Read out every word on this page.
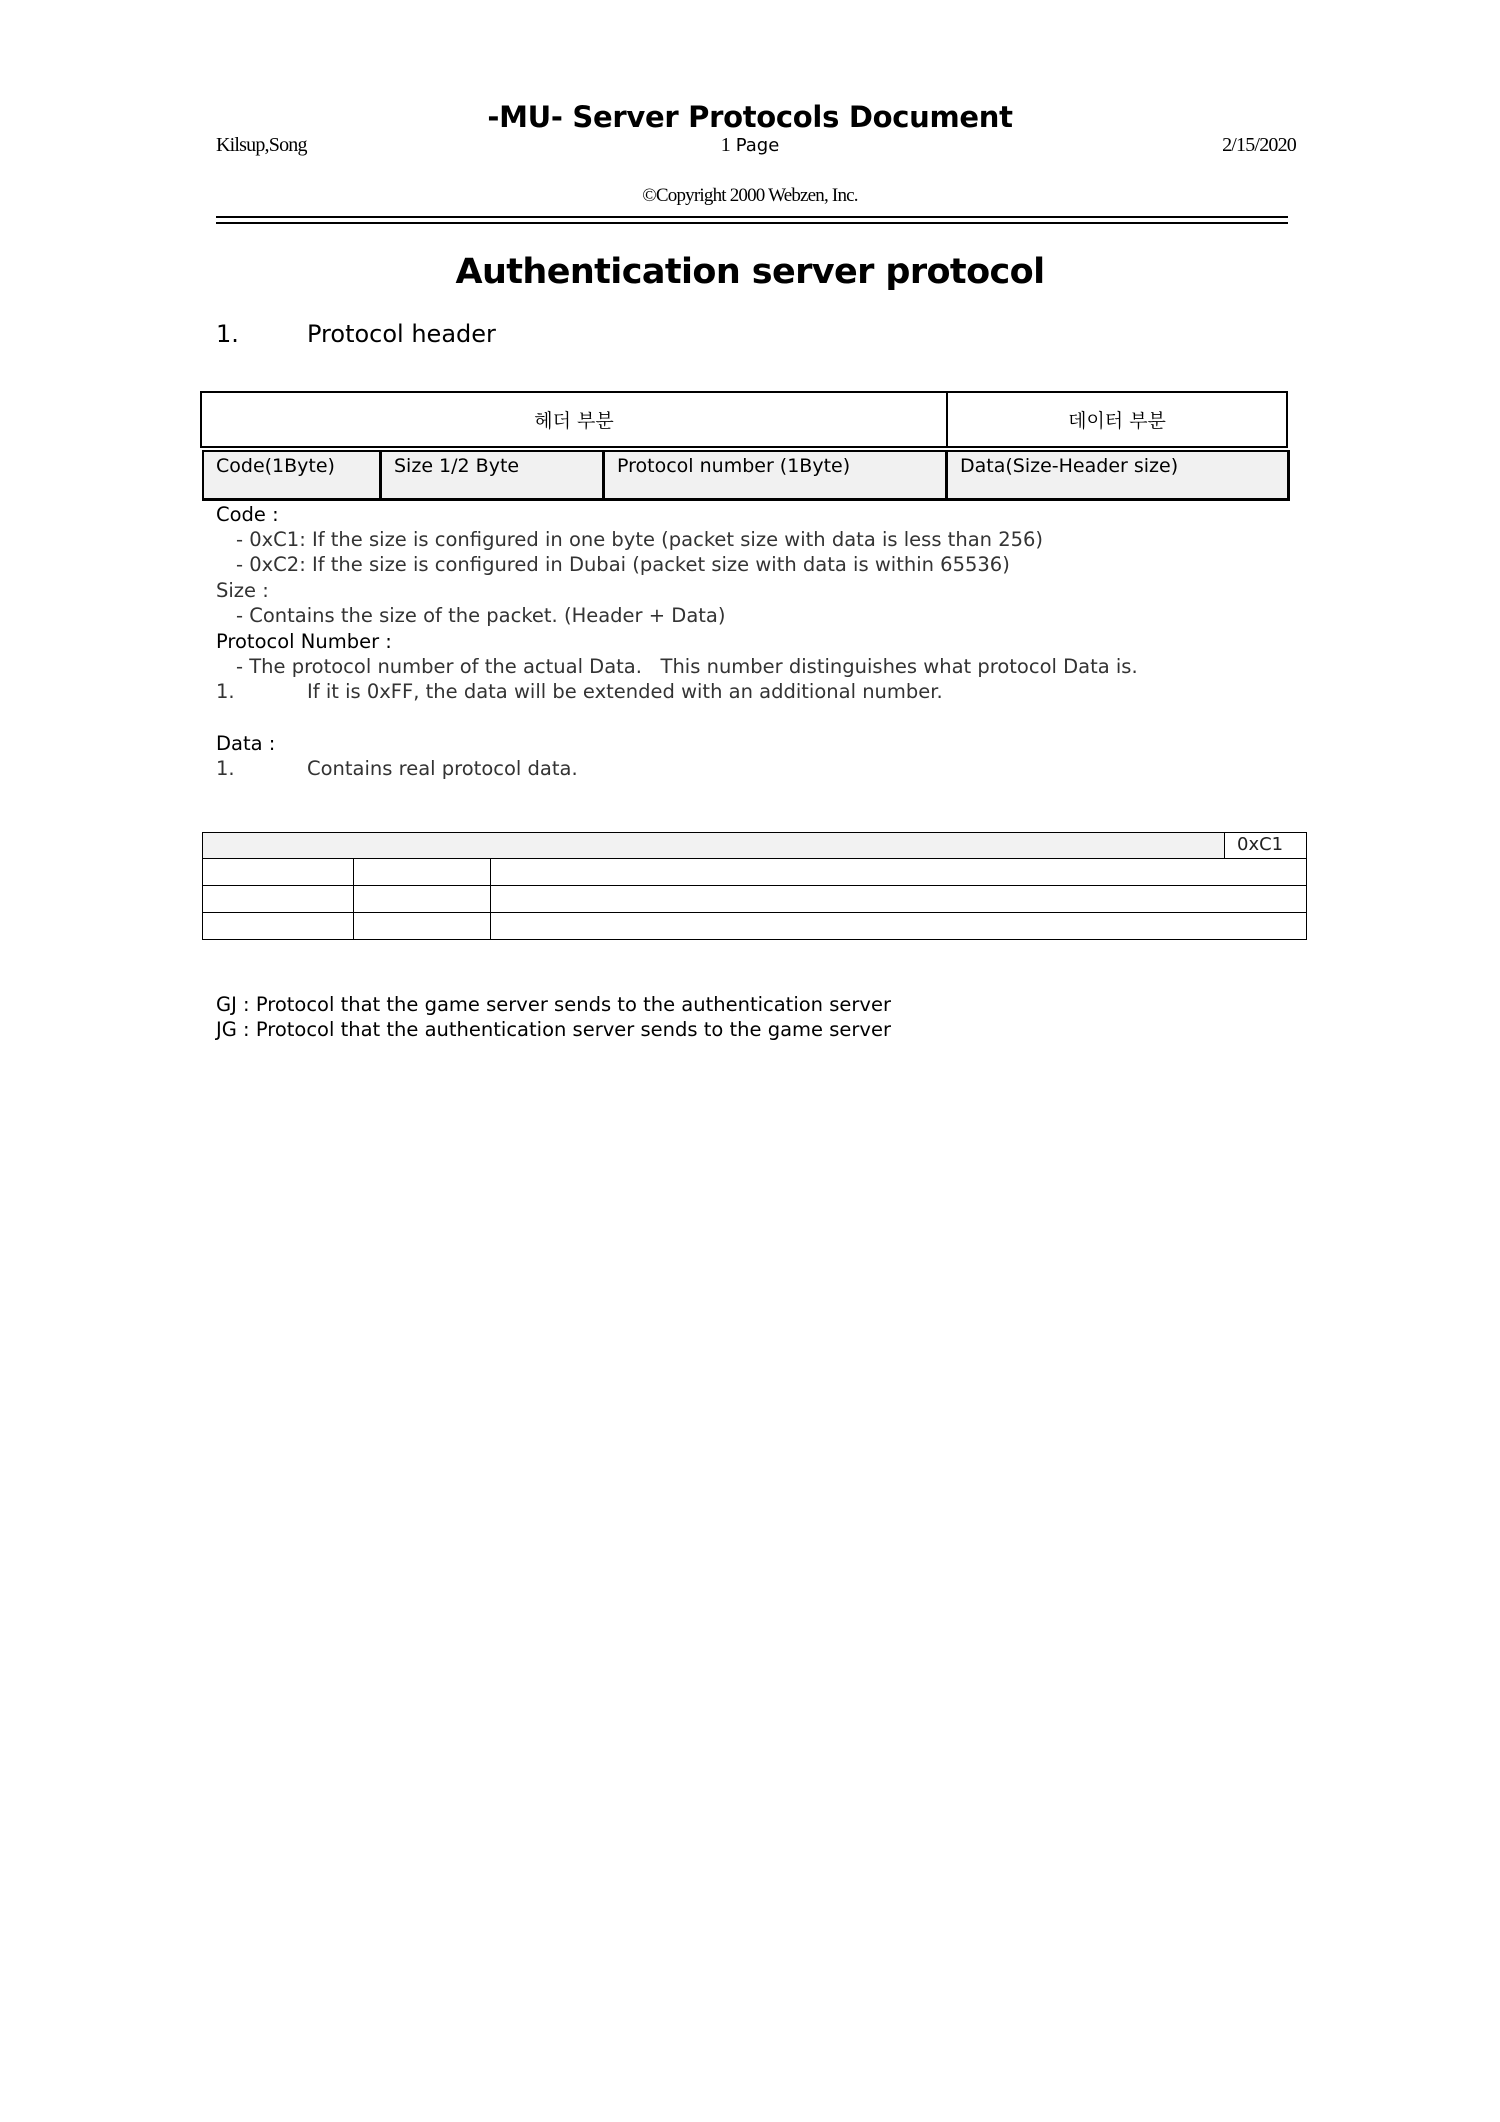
-MU- Server Protocols Document
Kilsup,Song	1 Page	2/15/2020
©Copyright 2000 Webzen, Inc.
Authentication server protocol
1.	Protocol header
헤더 부분	데이터 부분
Code(1Byte)	Size 1/2 Byte	Protocol number (1Byte)	Data(Size-Header size)
Code :
- 0xC1: If the size is configured in one byte (packet size with data is less than 256)
- 0xC2: If the size is configured in Dubai (packet size with data is within 65536)
Size :
- Contains the size of the packet. (Header + Data)
Protocol Number :
- The protocol number of the actual Data.   This number distinguishes what protocol Data is.
1.	If it is 0xFF, the data will be extended with an additional number.
Data :
1.	Contains real protocol data.
0xC1
GJ : Protocol that the game server sends to the authentication server
JG : Protocol that the authentication server sends to the game server
